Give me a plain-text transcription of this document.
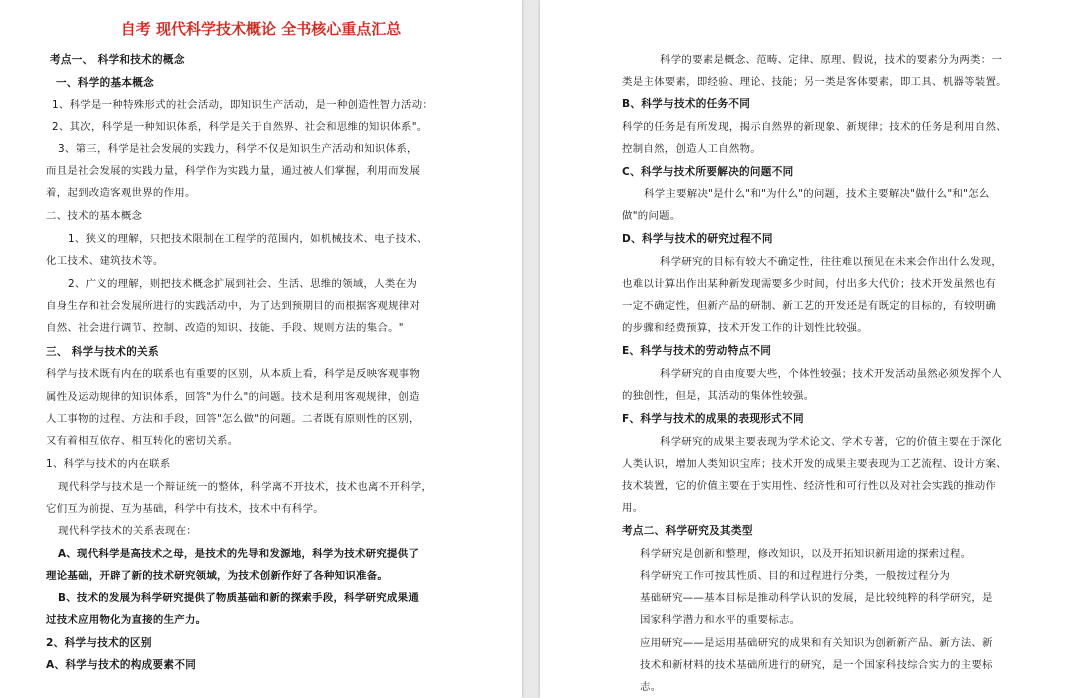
自考 现代科学技术概论 全书核心重点汇总
考点一、 科学和技术的概念
一、科学的基本概念
1、科学是一种特殊形式的社会活动，即知识生产活动，是一种创造性智力活动：
2、其次，科学是一种知识体系，科学是关于自然界、社会和思维的知识体系"。
3、第三，科学是社会发展的实践力，科学不仅是知识生产活动和知识体系，
而且是社会发展的实践力量，科学作为实践力量，通过被人们掌握，利用而发展
着，起到改造客观世界的作用。
二、技术的基本概念
1、狭义的理解，只把技术限制在工程学的范围内，如机械技术、电子技术、
化工技术、建筑技术等。
2、广义的理解，则把技术概念扩展到社会、生活、思维的领域，人类在为
自身生存和社会发展所进行的实践活动中，为了达到预期目的而根据客观规律对
自然、社会进行调节、控制、改造的知识、技能、手段、规则方法的集合。"
三、 科学与技术的关系
科学与技术既有内在的联系也有重要的区别，从本质上看，科学是反映客观事物
属性及运动规律的知识体系，回答"为什么"的问题。技术是利用客观规律，创造
人工事物的过程、方法和手段，回答"怎么做"的问题。二者既有原则性的区别，
又有着相互依存、相互转化的密切关系。
1、科学与技术的内在联系
现代科学与技术是一个辩证统一的整体，科学离不开技术，技术也离不开科学，
它们互为前提、互为基础，科学中有技术，技术中有科学。
现代科学技术的关系表现在：
A、现代科学是高技术之母，是技术的先导和发源地，科学为技术研究提供了
理论基础，开辟了新的技术研究领域，为技术创新作好了各种知识准备。
B、技术的发展为科学研究提供了物质基础和新的探索手段，科学研究成果通
过技术应用物化为直接的生产力。
2、科学与技术的区别
A、科学与技术的构成要素不同
科学的要素是概念、范畴、定律、原理、假说，技术的要素分为两类：一
类是主体要素，即经验、理论、技能；另一类是客体要素，即工具、机器等装置。
B、科学与技术的任务不同
科学的任务是有所发现，揭示自然界的新现象、新规律；技术的任务是利用自然、
控制自然，创造人工自然物。
C、科学与技术所要解决的问题不同
科学主要解决"是什么"和"为什么"的问题，技术主要解决"做什么"和"怎么
做"的问题。
D、科学与技术的研究过程不同
科学研究的目标有较大不确定性，往往难以预见在未来会作出什么发现，
也难以计算出作出某种新发现需要多少时间，付出多大代价；技术开发虽然也有
一定不确定性，但新产品的研制、新工艺的开发还是有既定的目标的，有较明确
的步骤和经费预算，技术开发工作的计划性比较强。
E、科学与技术的劳动特点不同
科学研究的自由度要大些，个体性较强；技术开发活动虽然必须发挥个人
的独创性，但是，其活动的集体性较强。
F、科学与技术的成果的表现形式不同
科学研究的成果主要表现为学术论文、学术专著，它的价值主要在于深化
人类认识，增加人类知识宝库；技术开发的成果主要表现为工艺流程、设计方案、
技术装置，它的价值主要在于实用性、经济性和可行性以及对社会实践的推动作
用。
考点二、科学研究及其类型
科学研究是创新和整理，修改知识，以及开拓知识新用途的探索过程。
科学研究工作可按其性质、目的和过程进行分类，一般按过程分为
基础研究——基本目标是推动科学认识的发展，是比较纯粹的科学研究，是
国家科学潜力和水平的重要标志。
应用研究——是运用基础研究的成果和有关知识为创新新产品、新方法、新
技术和新材料的技术基础所进行的研究，是一个国家科技综合实力的主要标
志。
